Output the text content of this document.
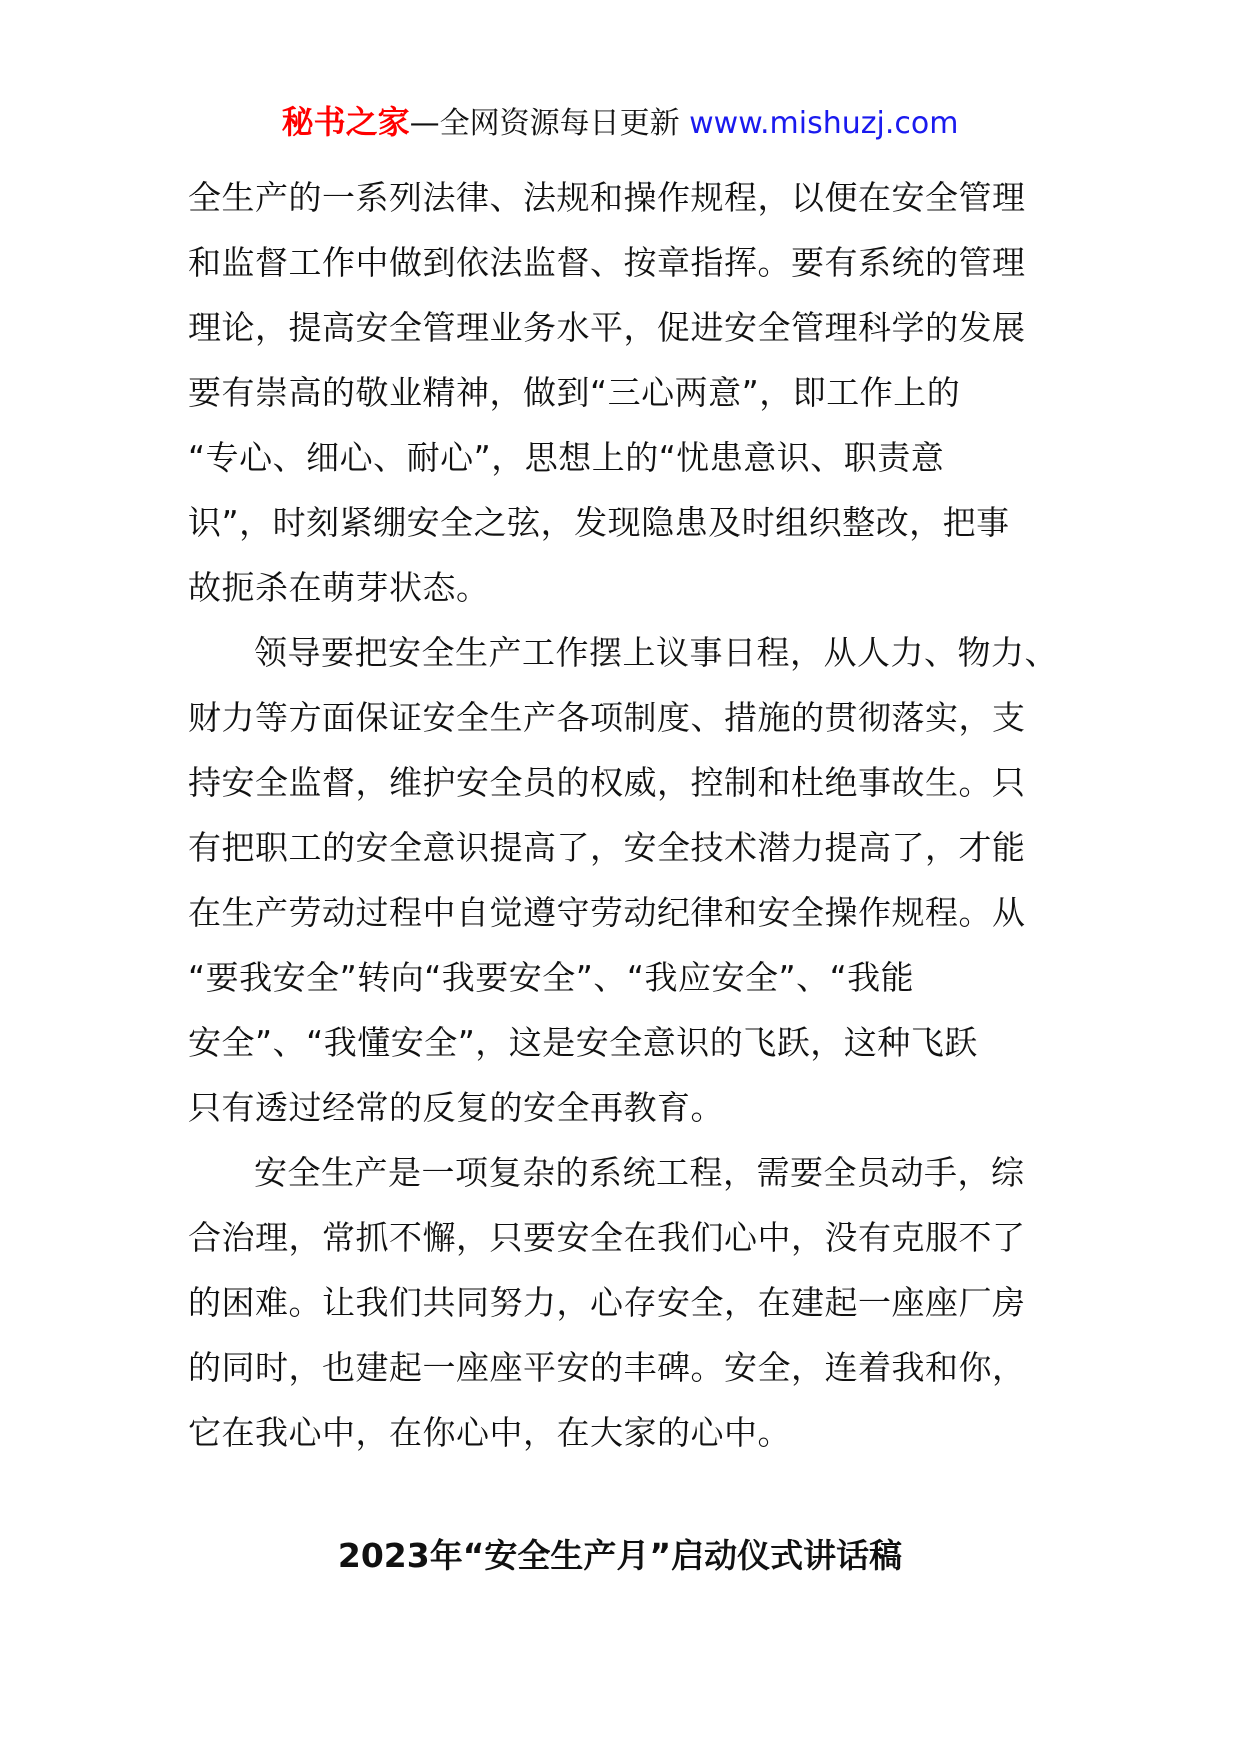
秘书之家—全网资源每日更新 www.mishuzj.com
全生产的一系列法律、法规和操作规程，以便在安全管理
和监督工作中做到依法监督、按章指挥。要有系统的管理
理论，提高安全管理业务水平，促进安全管理科学的发展
要有崇高的敬业精神，做到“三心两意”，即工作上的
“专心、细心、耐心”，思想上的“忧患意识、职责意
识”，时刻紧绷安全之弦，发现隐患及时组织整改，把事
故扼杀在萌芽状态。
领导要把安全生产工作摆上议事日程，从人力、物力、
财力等方面保证安全生产各项制度、措施的贯彻落实，支
持安全监督，维护安全员的权威，控制和杜绝事故生。只
有把职工的安全意识提高了，安全技术潜力提高了，才能
在生产劳动过程中自觉遵守劳动纪律和安全操作规程。从
“要我安全”转向“我要安全”、“我应安全”、“我能
安全”、“我懂安全”，这是安全意识的飞跃，这种飞跃
只有透过经常的反复的安全再教育。
安全生产是一项复杂的系统工程，需要全员动手，综
合治理，常抓不懈，只要安全在我们心中，没有克服不了
的困难。让我们共同努力，心存安全，在建起一座座厂房
的同时，也建起一座座平安的丰碑。安全，连着我和你，
它在我心中，在你心中，在大家的心中。
2023年“安全生产月”启动仪式讲话稿
